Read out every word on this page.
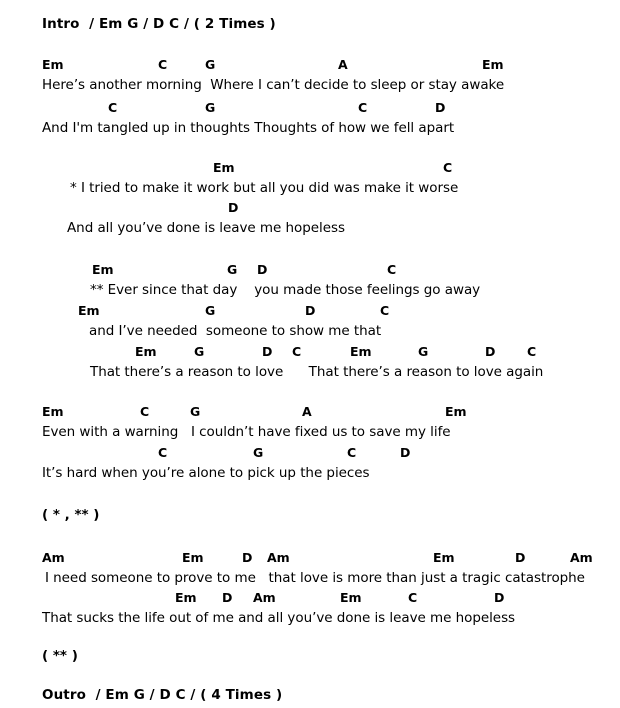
Intro  / Em G / D C / ( 2 Times )
Em	C	G	A	Em
Here’s another morning  Where I can’t decide to sleep or stay awake
C	G	C	D
And I'm tangled up in thoughts Thoughts of how we fell apart
Em	C
* I tried to make it work but all you did was make it worse
D
And all you’ve done is leave me hopeless
Em	G D	C
** Ever since that day    you made those feelings go away
Em	G	D	C
and I’ve needed  someone to show me that
Em	G	D C	Em	G	D	C
That there’s a reason to love      That there’s a reason to love again
Em	C	G	A	Em
Even with a warning   I couldn’t have fixed us to save my life
C	G	C	D
It’s hard when you’re alone to pick up the pieces
Am	Em	D Am	Em	D	Am
I need someone to prove to me   that love is more than just a tragic catastrophe
Em D Am	Em	C	D
That sucks the life out of me and all you’ve done is leave me hopeless
( * , ** )
( ** )
Outro  / Em G / D C / ( 4 Times )
